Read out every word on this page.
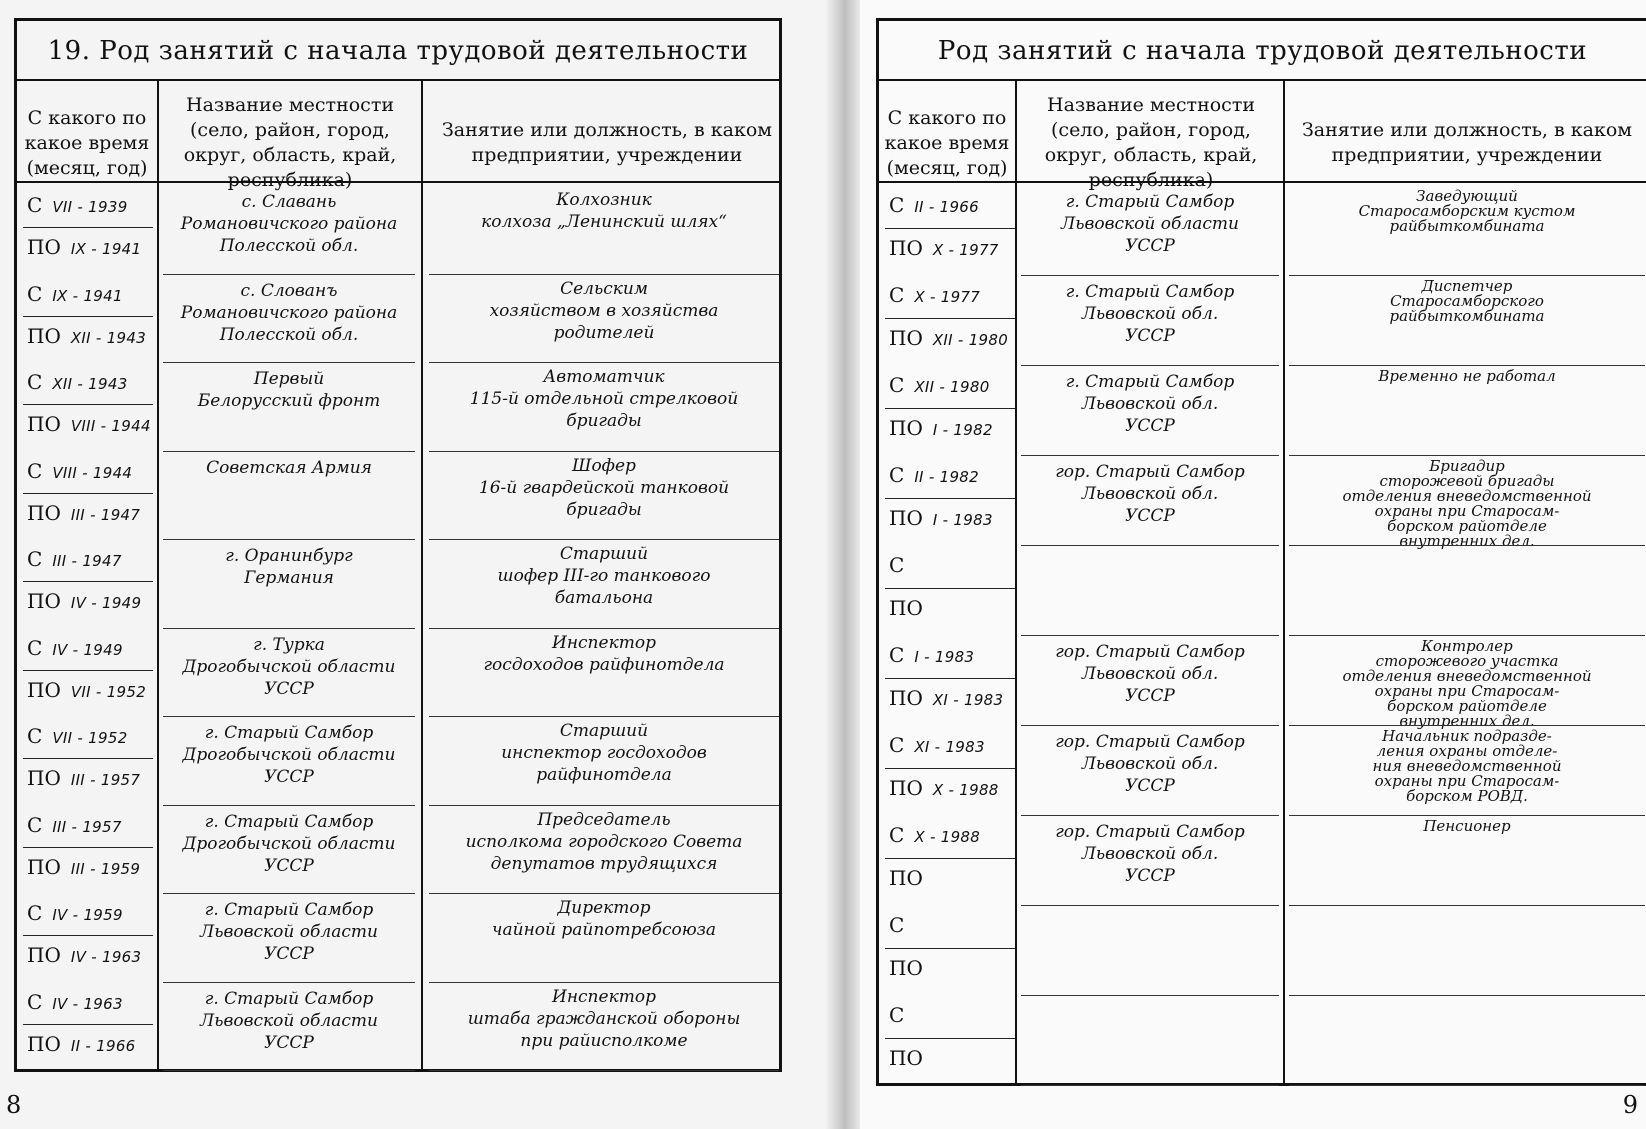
19. Род занятий с начала трудовой деятельности
С какого по какое время (месяц, год)
Название местности (село, район, город, округ, область, край, республика)
Занятие или должность, в каком предприятии, учреждении
С VII - 1939
ПО IX - 1941
с. Славань
Романовичского района
Полесской обл.
Колхозник
колхоза „Ленинский шлях“
С IX - 1941
ПО XII - 1943
с. Слованъ
Романовичского района
Полесской обл.
Сельским
хозяйством в хозяйства
родителей
С XII - 1943
ПО VIII - 1944
Первый
Белорусский фронт
Автоматчик
115-й отдельной стрелковой
бригады
С VIII - 1944
ПО III - 1947
Советская Армия	Шофер
16-й гвардейской танковой
бригады
С III - 1947
ПО IV - 1949
г. Оранинбург
Германия
Старший
шофер III-го танкового
батальона
С IV - 1949
ПО VII - 1952
г. Турка
Дрогобычской области
УССР
Инспектор
госдоходов райфинотдела
С VII - 1952
ПО III - 1957
г. Старый Самбор
Дрогобычской области
УССР
Старший
инспектор госдоходов
райфинотдела
С III - 1957
ПО III - 1959
г. Старый Самбор
Дрогобычской области
УССР
Председатель
исполкома городского Совета
депутатов трудящихся
С IV - 1959
ПО IV - 1963
г. Старый Самбор
Львовской области
УССР
Директор
чайной райпотребсоюза
С IV - 1963
ПО II - 1966
г. Старый Самбор
Львовской области
УССР
Инспектор
штаба гражданской обороны
при райисполкоме
8
Род занятий с начала трудовой деятельности
С какого по какое время (месяц, год)
Название местности (село, район, город, округ, область, край, республика)
Занятие или должность, в каком предприятии, учреждении
С II - 1966
ПО X - 1977
г. Старый Самбор
Львовской области
УССР
Заведующий
Старосамборским кустом
райбыткомбината
С X - 1977
ПО XII - 1980
г. Старый Самбор
Львовской обл.
УССР
Диспетчер
Старосамборского
райбыткомбината
С XII - 1980
ПО I - 1982
г. Старый Самбор
Львовской обл.
УССР
Временно не работал
С II - 1982
ПО I - 1983
гор. Старый Самбор
Львовской обл.
УССР
Бригадир
сторожевой бригады
отделения вневедомственной
охраны при Старосам-
борском райотделе
внутренних дел.
С
ПО
С I - 1983
ПО XI - 1983
гор. Старый Самбор
Львовской обл.
УССР
Контролер
сторожевого участка
отделения вневедомственной
охраны при Старосам-
борском райотделе
внутренних дел.
С XI - 1983
ПО X - 1988
гор. Старый Самбор
Львовской обл.
УССР
Начальник подразде-
ления охраны отделе-
ния вневедомственной
охраны при Старосам-
борском РОВД.
С X - 1988
ПО
гор. Старый Самбор
Львовской обл.
УССР
Пенсионер
С
ПО
С
ПО
9
